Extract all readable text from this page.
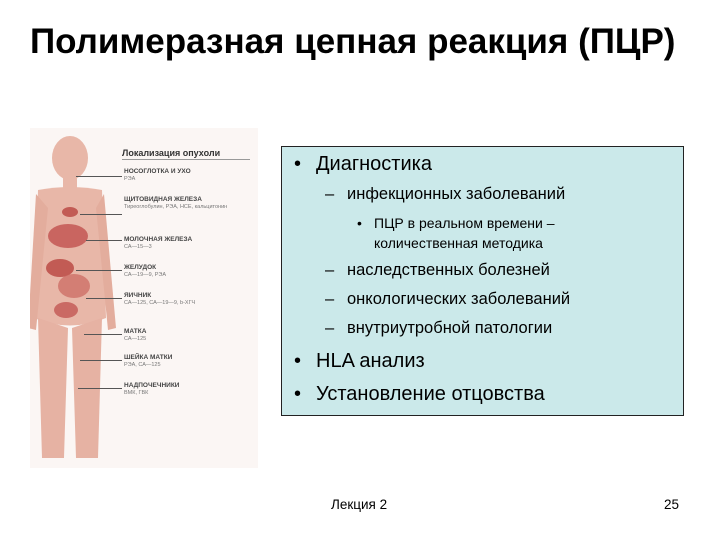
Полимеразная цепная реакция (ПЦР)
Локализация опухоли
НОСОГЛОТКА И УХО
РЭА
ЩИТОВИДНАЯ ЖЕЛЕЗА
Тиреоглобулин, РЭА, НСЕ, кальцитонин
МОЛОЧНАЯ ЖЕЛЕЗА
СА—15—3
ЖЕЛУДОК
СА—19—9, РЭА
ЯИЧНИК
СА—125, СА—19—9, b-ХГЧ
МАТКА
СА—125
ШЕЙКА МАТКИ
РЭА, СА—125
НАДПОЧЕЧНИКИ
ВМК, ГВК
• Диагностика
– инфекционных заболеваний
• ПЦР в реальном времени –
количественная методика
– наследственных болезней
– онкологических заболеваний
– внутриутробной патологии
• HLA анализ
• Установление отцовства
Лекция 2	25
